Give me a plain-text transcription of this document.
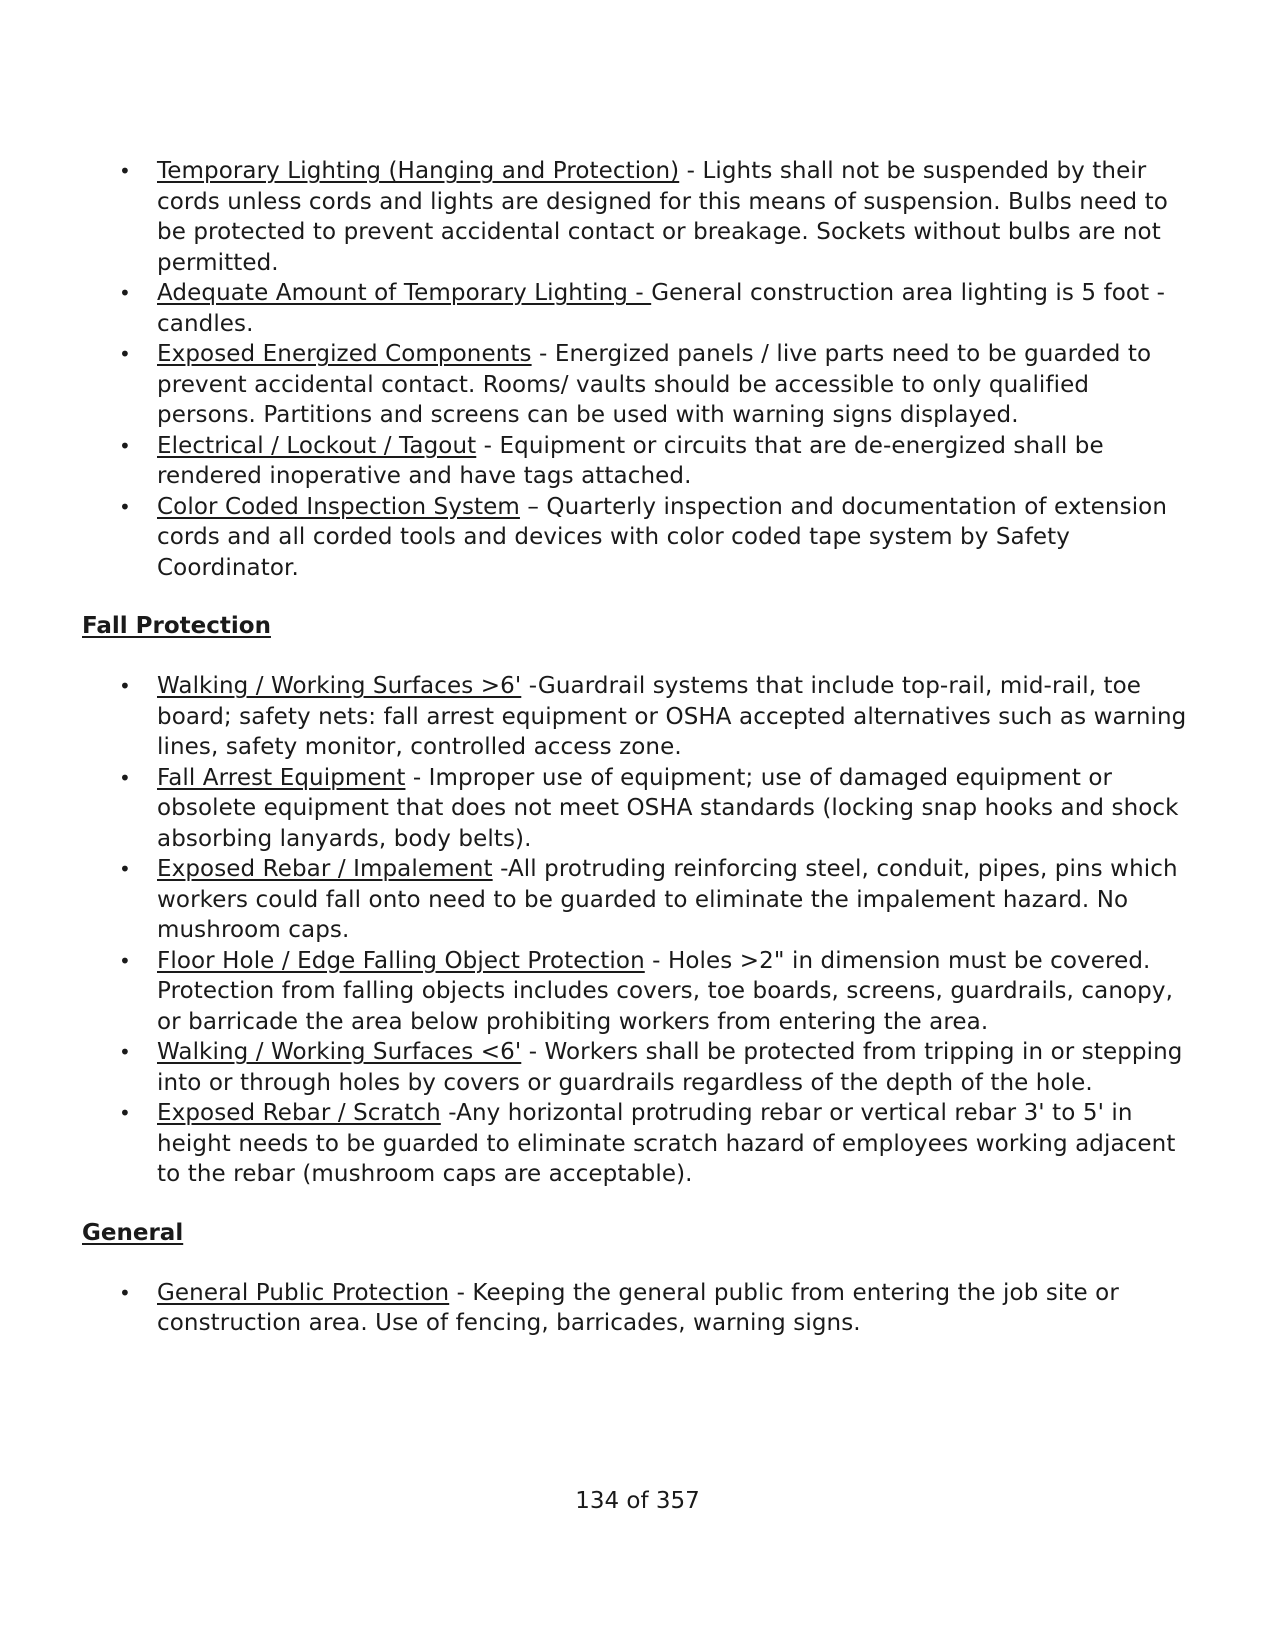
• Temporary Lighting (Hanging and Protection) - Lights shall not be suspended by their cords unless cords and lights are designed for this means of suspension. Bulbs need to be protected to prevent accidental contact or breakage. Sockets without bulbs are not permitted.
• Adequate Amount of Temporary Lighting - General construction area lighting is 5 foot -candles.
• Exposed Energized Components - Energized panels / live parts need to be guarded to prevent accidental contact. Rooms/ vaults should be accessible to only qualified persons. Partitions and screens can be used with warning signs displayed.
• Electrical / Lockout / Tagout - Equipment or circuits that are de-energized shall be rendered inoperative and have tags attached.
• Color Coded Inspection System – Quarterly inspection and documentation of extension cords and all corded tools and devices with color coded tape system by Safety Coordinator.
Fall Protection
• Walking / Working Surfaces >6' -Guardrail systems that include top-rail, mid-rail, toe board; safety nets: fall arrest equipment or OSHA accepted alternatives such as warning lines, safety monitor, controlled access zone.
• Fall Arrest Equipment - Improper use of equipment; use of damaged equipment or obsolete equipment that does not meet OSHA standards (locking snap hooks and shock absorbing lanyards, body belts).
• Exposed Rebar / Impalement -All protruding reinforcing steel, conduit, pipes, pins which workers could fall onto need to be guarded to eliminate the impalement hazard. No mushroom caps.
• Floor Hole / Edge Falling Object Protection - Holes >2" in dimension must be covered. Protection from falling objects includes covers, toe boards, screens, guardrails, canopy, or barricade the area below prohibiting workers from entering the area.
• Walking / Working Surfaces <6' - Workers shall be protected from tripping in or stepping into or through holes by covers or guardrails regardless of the depth of the hole.
• Exposed Rebar / Scratch -Any horizontal protruding rebar or vertical rebar 3' to 5' in height needs to be guarded to eliminate scratch hazard of employees working adjacent to the rebar (mushroom caps are acceptable).
General
• General Public Protection - Keeping the general public from entering the job site or construction area. Use of fencing, barricades, warning signs.
134 of 357
